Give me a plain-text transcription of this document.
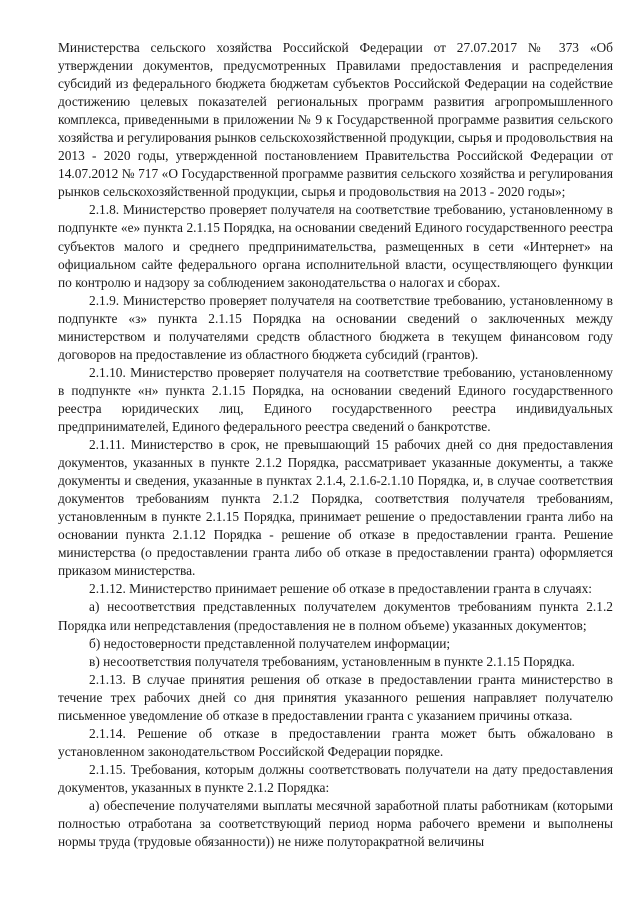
Министерства сельского хозяйства Российской Федерации от 27.07.2017 № 373 «Об утверждении документов, предусмотренных Правилами предоставления и распределения субсидий из федерального бюджета бюджетам субъектов Российской Федерации на содействие достижению целевых показателей региональных программ развития агропромышленного комплекса, приведенными в приложении № 9 к Государственной программе развития сельского хозяйства и регулирования рынков сельскохозяйственной продукции, сырья и продовольствия на 2013 - 2020 годы, утвержденной постановлением Правительства Российской Федерации от 14.07.2012 № 717 «О Государственной программе развития сельского хозяйства и регулирования рынков сельскохозяйственной продукции, сырья и продовольствия на 2013 - 2020 годы»;

2.1.8. Министерство проверяет получателя на соответствие требованию, установленному в подпункте «е» пункта 2.1.15 Порядка, на основании сведений Единого государственного реестра субъектов малого и среднего предпринимательства, размещенных в сети «Интернет» на официальном сайте федерального органа исполнительной власти, осуществляющего функции по контролю и надзору за соблюдением законодательства о налогах и сборах.

2.1.9. Министерство проверяет получателя на соответствие требованию, установленному в подпункте «з» пункта 2.1.15 Порядка на основании сведений о заключенных между министерством и получателями средств областного бюджета в текущем финансовом году договоров на предоставление из областного бюджета субсидий (грантов).

2.1.10. Министерство проверяет получателя на соответствие требованию, установленному в подпункте «н» пункта 2.1.15 Порядка, на основании сведений Единого государственного реестра юридических лиц, Единого государственного реестра индивидуальных предпринимателей, Единого федерального реестра сведений о банкротстве.

2.1.11. Министерство в срок, не превышающий 15 рабочих дней со дня предоставления документов, указанных в пункте 2.1.2 Порядка, рассматривает указанные документы, а также документы и сведения, указанные в пунктах 2.1.4, 2.1.6-2.1.10 Порядка, и, в случае соответствия документов требованиям пункта 2.1.2 Порядка, соответствия получателя требованиям, установленным в пункте 2.1.15 Порядка, принимает решение о предоставлении гранта либо на основании пункта 2.1.12 Порядка - решение об отказе в предоставлении гранта. Решение министерства (о предоставлении гранта либо об отказе в предоставлении гранта) оформляется приказом министерства.

2.1.12. Министерство принимает решение об отказе в предоставлении гранта в случаях:

а) несоответствия представленных получателем документов требованиям пункта 2.1.2 Порядка или непредставления (предоставления не в полном объеме) указанных документов;

б) недостоверности представленной получателем информации;

в) несоответствия получателя требованиям, установленным в пункте 2.1.15 Порядка.

2.1.13. В случае принятия решения об отказе в предоставлении гранта министерство в течение трех рабочих дней со дня принятия указанного решения направляет получателю письменное уведомление об отказе в предоставлении гранта с указанием причины отказа.

2.1.14. Решение об отказе в предоставлении гранта может быть обжаловано в установленном законодательством Российской Федерации порядке.

2.1.15. Требования, которым должны соответствовать получатели на дату предоставления документов, указанных в пункте 2.1.2 Порядка:

а) обеспечение получателями выплаты месячной заработной платы работникам (которыми полностью отработана за соответствующий период норма рабочего времени и выполнены нормы труда (трудовые обязанности)) не ниже полуторакратной величины
